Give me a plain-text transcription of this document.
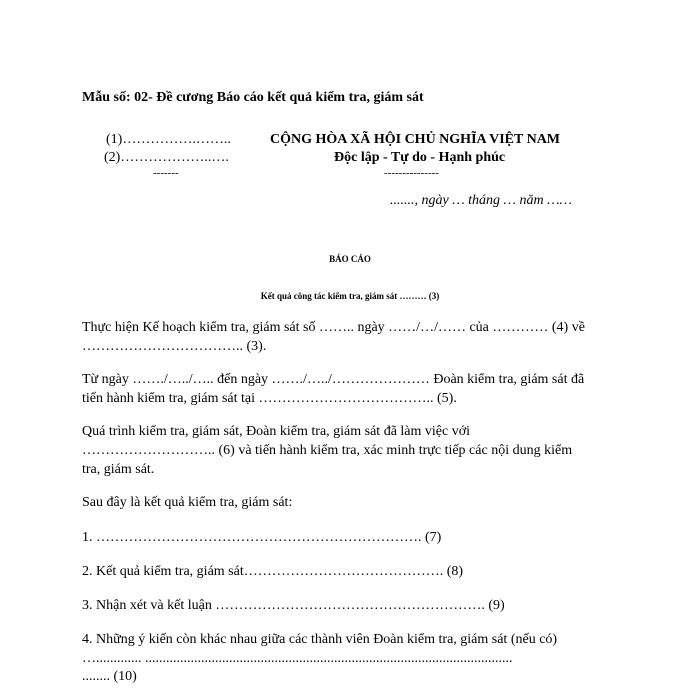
Mẫu số: 02- Đề cương Báo cáo kết quả kiểm tra, giám sát
(1)…………….……..
(2)………………..….
-------
CỘNG HÒA XÃ HỘI CHỦ NGHĨA VIỆT NAM
Độc lập - Tự do - Hạnh phúc
---------------
......., ngày … tháng … năm ……
BÁO CÁO
Kết quả công tác kiểm tra, giám sát ……… (3)
Thực hiện Kế hoạch kiểm tra, giám sát số …….. ngày ……/…/…… của ………… (4) về
…………………………….. (3).
Từ ngày ……./…../….. đến ngày ……./…../………………… Đoàn kiểm tra, giám sát đã
tiến hành kiểm tra, giám sát tại ……………………………….. (5).
Quá trình kiểm tra, giám sát, Đoàn kiểm tra, giám sát đã làm việc với
……………………….. (6) và tiến hành kiểm tra, xác minh trực tiếp các nội dung kiểm
tra, giám sát.
Sau đây là kết quả kiểm tra, giám sát:
1. ……………………………………………………………. (7)
2. Kết quả kiểm tra, giám sát……………………………………. (8)
3. Nhận xét và kết luận …………………………………………………. (9)
4. Những ý kiến còn khác nhau giữa các thành viên Đoàn kiểm tra, giám sát (nếu có)
…............. .........................................................................................................
........ (10)
